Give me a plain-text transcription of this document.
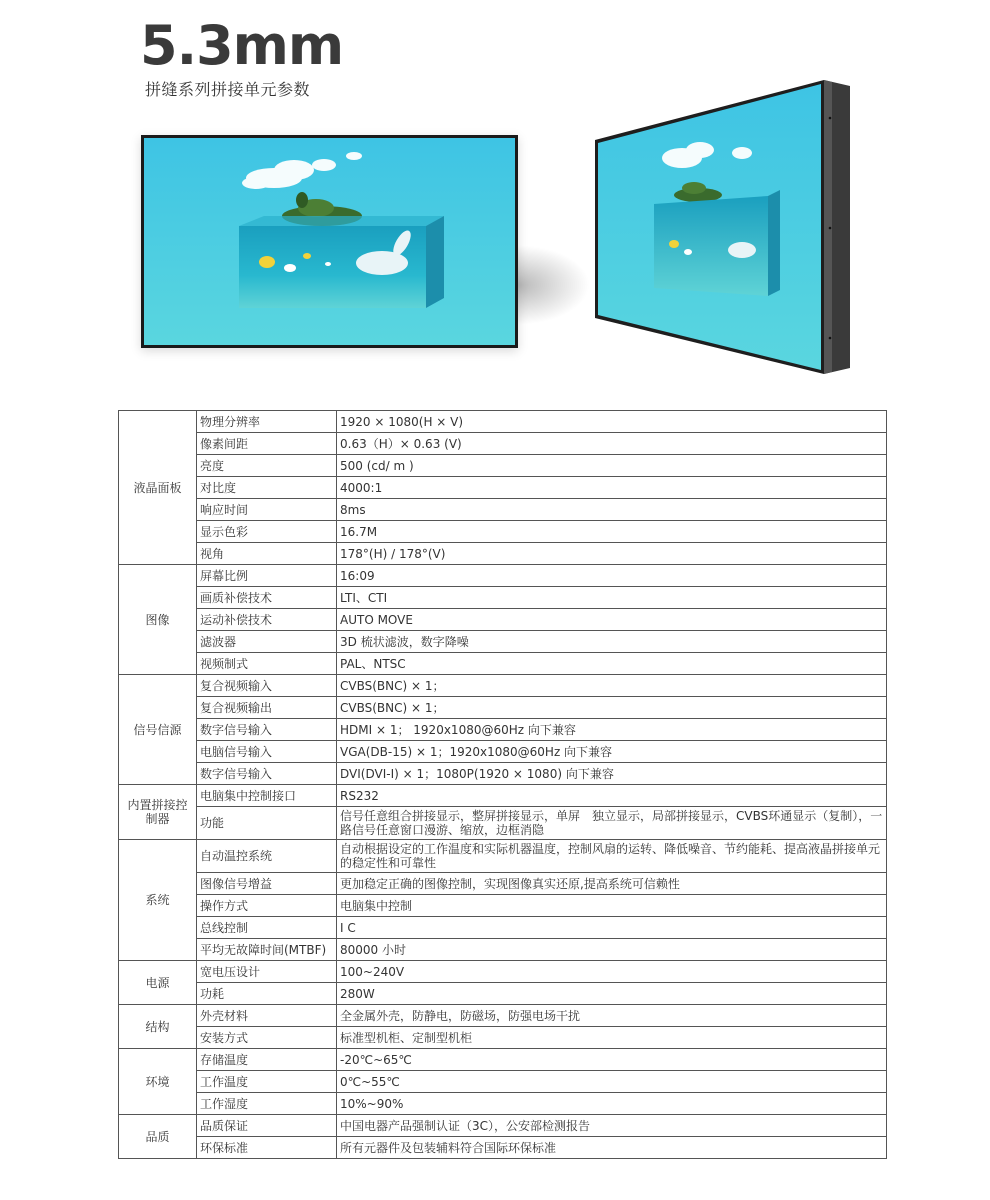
5.3mm
拼缝系列拼接单元参数
液晶面板	物理分辨率	1920 × 1080(H × V)
	像素间距	0.63（H）× 0.63 (V)
	亮度	500 (cd/ m )
	对比度	4000:1
	响应时间	8ms
	显示色彩	16.7M
	视角	178°(H) / 178°(V)
图像	屏幕比例	16:09
	画质补偿技术	LTI、CTI
	运动补偿技术	AUTO MOVE
	滤波器	3D 梳状滤波，数字降噪
	视频制式	PAL、NTSC
信号信源	复合视频输入	CVBS(BNC) × 1；
	复合视频输出	CVBS(BNC) × 1；
	数字信号输入	HDMI × 1； 1920x1080@60Hz 向下兼容
	电脑信号输入	VGA(DB-15) × 1；1920x1080@60Hz 向下兼容
	数字信号输入	DVI(DVI-I) × 1；1080P(1920 × 1080) 向下兼容
内置拼接控制器	电脑集中控制接口	RS232
	功能	信号任意组合拼接显示，整屏拼接显示，单屏　独立显示，局部拼接显示，CVBS环通显示（复制），一路信号任意窗口漫游、缩放，边框消隐
系统	自动温控系统	自动根据设定的工作温度和实际机器温度，控制风扇的运转、降低噪音、节约能耗、提高液晶拼接单元的稳定性和可靠性
	图像信号增益	更加稳定正确的图像控制，实现图像真实还原,提高系统可信赖性
	操作方式	电脑集中控制
	总线控制	I C
	平均无故障时间(MTBF)	80000 小时
电源	宽电压设计	100~240V
	功耗	280W
结构	外壳材料	全金属外壳，防静电，防磁场，防强电场干扰
	安装方式	标准型机柜、定制型机柜
环境	存储温度	-20℃~65℃
	工作温度	0℃~55℃
	工作湿度	10%~90%
品质	品质保证	中国电器产品强制认证（3C），公安部检测报告
	环保标准	所有元器件及包装辅料符合国际环保标准
